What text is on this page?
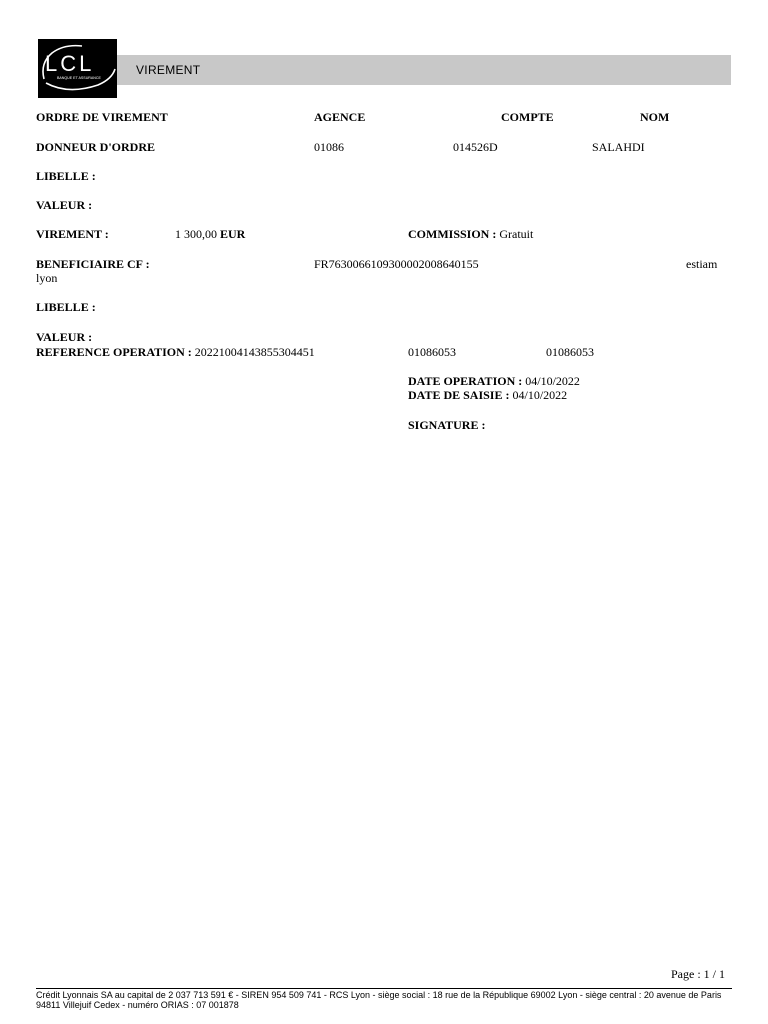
LCL
BANQUE ET ASSURANCE
VIREMENT
ORDRE DE VIREMENT	AGENCE	COMPTE	NOM
DONNEUR D'ORDRE	01086	014526D	SALAHDI
LIBELLE :
VALEUR :
VIREMENT :	1 300,00 EUR	COMMISSION : Gratuit
BENEFICIAIRE CF :	FR7630066109300002008640155	estiam
lyon
LIBELLE :
VALEUR :
REFERENCE OPERATION : 20221004143855304451	01086053	01086053
DATE OPERATION : 04/10/2022
DATE DE SAISIE : 04/10/2022
SIGNATURE :
Page : 1 / 1
Crédit Lyonnais SA au capital de 2 037 713 591 € - SIREN 954 509 741 - RCS Lyon - siège social : 18 rue de la République 69002 Lyon - siège central : 20 avenue de Paris 94811 Villejuif Cedex - numéro ORIAS : 07 001878
